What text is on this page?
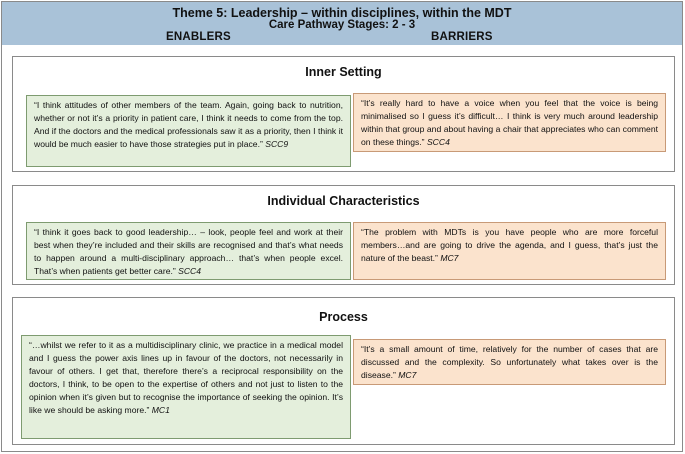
Theme 5: Leadership – within disciplines, within the MDT
Care Pathway Stages: 2 - 3
ENABLERS	BARRIERS
Inner Setting
“I think attitudes of other members of the team. Again, going back to nutrition, whether or not it’s a priority in patient care, I think it needs to come from the top. And if the doctors and the medical professionals saw it as a priority, then I think it would be much easier to have those strategies put in place.” SCC9
“It’s really hard to have a voice when you feel that the voice is being minimalised so I guess it’s difficult… I think is very much around leadership within that group and about having a chair that appreciates who can comment on these things.” SCC4
Individual Characteristics
“I think it goes back to good leadership… – look, people feel and work at their best when they’re included and their skills are recognised and that’s what needs to happen around a multi-disciplinary approach… that’s when people excel. That’s when patients get better care.” SCC4
“The problem with MDTs is you have people who are more forceful members…and are going to drive the agenda, and I guess, that’s just the nature of the beast.” MC7
Process
“…whilst we refer to it as a multidisciplinary clinic, we practice in a medical model and I guess the power axis lines up in favour of the doctors, not necessarily in favour of others. I get that, therefore there’s a reciprocal responsibility on the doctors, I think, to be open to the expertise of others and not just to listen to the opinion when it’s given but to recognise the importance of seeking the opinion. It’s like we should be asking more.” MC1
“It’s a small amount of time, relatively for the number of cases that are discussed and the complexity. So unfortunately what takes over is the disease.” MC7
